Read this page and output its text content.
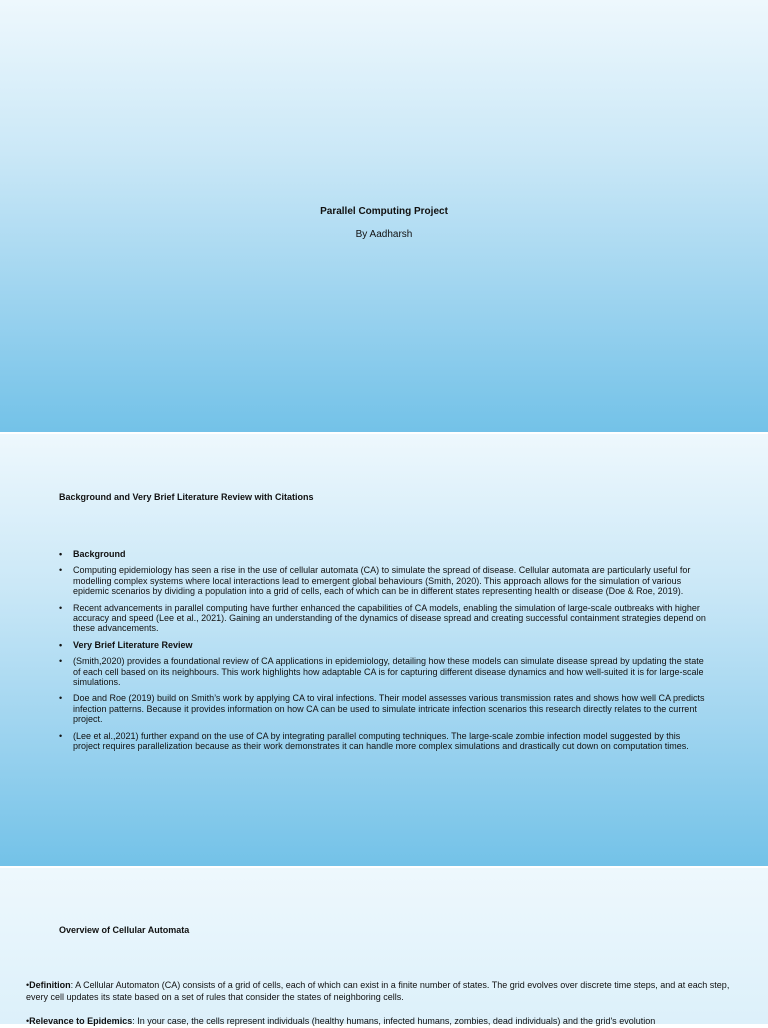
Parallel Computing Project
By Aadharsh
Background and Very Brief Literature Review with Citations
• Background
• Computing epidemiology has seen a rise in the use of cellular automata (CA) to simulate the spread of disease. Cellular automata are particularly useful for modelling complex systems where local interactions lead to emergent global behaviours (Smith, 2020). This approach allows for the simulation of various epidemic scenarios by dividing a population into a grid of cells, each of which can be in different states representing health or disease (Doe & Roe, 2019).
• Recent advancements in parallel computing have further enhanced the capabilities of CA models, enabling the simulation of large-scale outbreaks with higher accuracy and speed (Lee et al., 2021). Gaining an understanding of the dynamics of disease spread and creating successful containment strategies depend on these advancements.
• Very Brief Literature Review
• (Smith,2020) provides a foundational review of CA applications in epidemiology, detailing how these models can simulate disease spread by updating the state of each cell based on its neighbours. This work highlights how adaptable CA is for capturing different disease dynamics and how well-suited it is for large-scale simulations.
• Doe and Roe (2019) build on Smith’s work by applying CA to viral infections. Their model assesses various transmission rates and shows how well CA predicts infection patterns. Because it provides information on how CA can be used to simulate intricate infection scenarios this research directly relates to the current project.
• (Lee et al.,2021) further expand on the use of CA by integrating parallel computing techniques. The large-scale zombie infection model suggested by this project requires parallelization because as their work demonstrates it can handle more complex simulations and drastically cut down on computation times.
Overview of Cellular Automata

•Definition: A Cellular Automaton (CA) consists of a grid of cells, each of which can exist in a finite number of states. The grid evolves over discrete time steps, and at each step, every cell updates its state based on a set of rules that consider the states of neighboring cells.

•Relevance to Epidemics: In your case, the cells represent individuals (healthy humans, infected humans, zombies, dead individuals) and the grid's evolution
